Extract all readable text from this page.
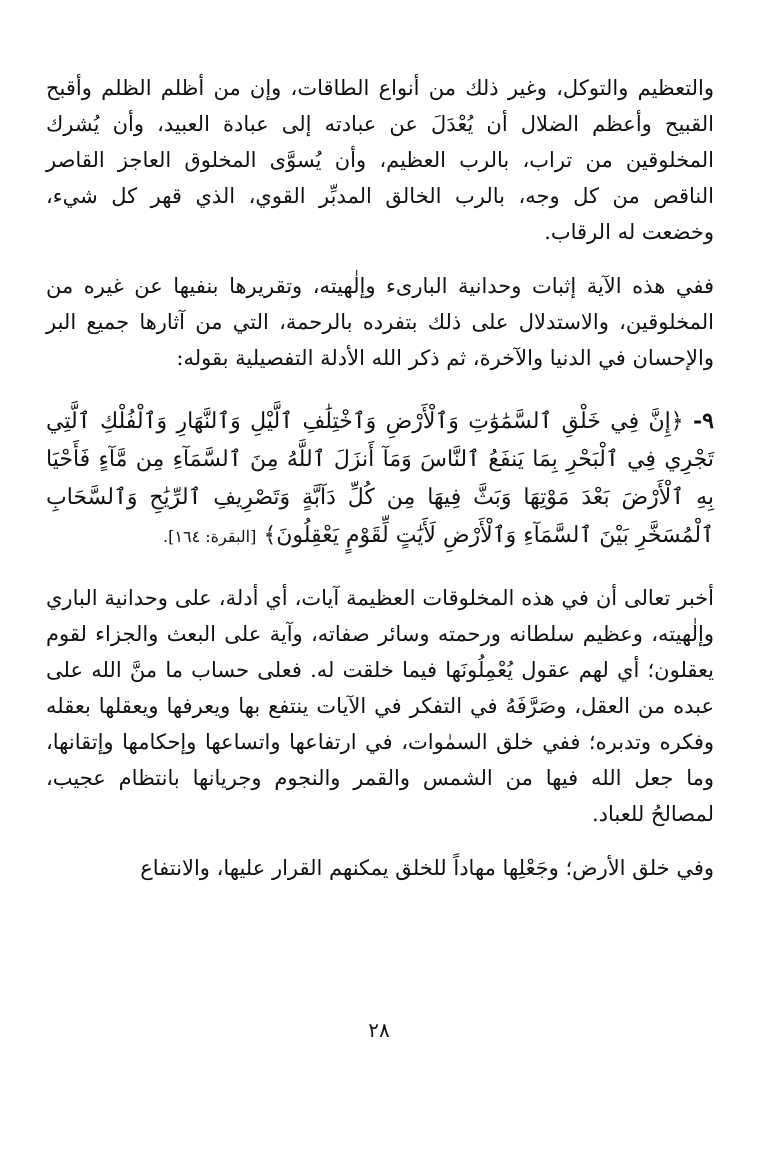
والتعظيم والتوكل، وغير ذلك من أنواع الطاقات، وإن من أظلم الظلم وأقبح القبيح وأعظم الضلال أن يُعْدَلَ عن عبادته إلى عبادة العبيد، وأن يُشرك المخلوقين من تراب، بالرب العظيم، وأن يُسوَّى المخلوق العاجز القاصر الناقص من كل وجه، بالرب الخالق المدبِّر القوي، الذي قهر كل شيء، وخضعت له الرقاب.

ففي هذه الآية إثبات وحدانية البارىء وإلٰهيته، وتقريرها بنفيها عن غيره من المخلوقين، والاستدلال على ذلك بتفرده بالرحمة، التي من آثارها جميع البر والإحسان في الدنيا والآخرة، ثم ذكر الله الأدلة التفصيلية بقوله:

٩- ﴿إِنَّ فِي خَلْقِ ٱلسَّمَٰوَٰتِ وَٱلْأَرْضِ وَٱخْتِلَٰفِ ٱلَّيْلِ وَٱلنَّهَارِ وَٱلْفُلْكِ ٱلَّتِي تَجْرِي فِي ٱلْبَحْرِ بِمَا يَنفَعُ ٱلنَّاسَ وَمَآ أَنزَلَ ٱللَّهُ مِنَ ٱلسَّمَآءِ مِن مَّآءٍ فَأَحْيَا بِهِ ٱلْأَرْضَ بَعْدَ مَوْتِهَا وَبَثَّ فِيهَا مِن كُلِّ دَآبَّةٍ وَتَصْرِيفِ ٱلرِّيَٰحِ وَٱلسَّحَابِ ٱلْمُسَخَّرِ بَيْنَ ٱلسَّمَآءِ وَٱلْأَرْضِ لَأَيَٰتٍ لِّقَوْمٍ يَعْقِلُونَ﴾ [البقرة: ١٦٤].

أخبر تعالى أن في هذه المخلوقات العظيمة آيات، أي أدلة، على وحدانية الباري وإلٰهيته، وعظيم سلطانه ورحمته وسائر صفاته، وآية على البعث والجزاء لقوم يعقلون؛ أي لهم عقول يُعْمِلُونَها فيما خلقت له. فعلى حساب ما منَّ الله على عبده من العقل، وصَرَّفَهُ في التفكر في الآيات ينتفع بها ويعرفها ويعقلها بعقله وفكره وتدبره؛ ففي خلق السمٰوات، في ارتفاعها واتساعها وإحكامها وإتقانها، وما جعل الله فيها من الشمس والقمر والنجوم وجريانها بانتظام عجيب، لمصالحُ للعباد.

وفي خلق الأرض؛ وجَعْلِها مهاداً للخلق يمكنهم القرار عليها، والانتفاع

٢٨
